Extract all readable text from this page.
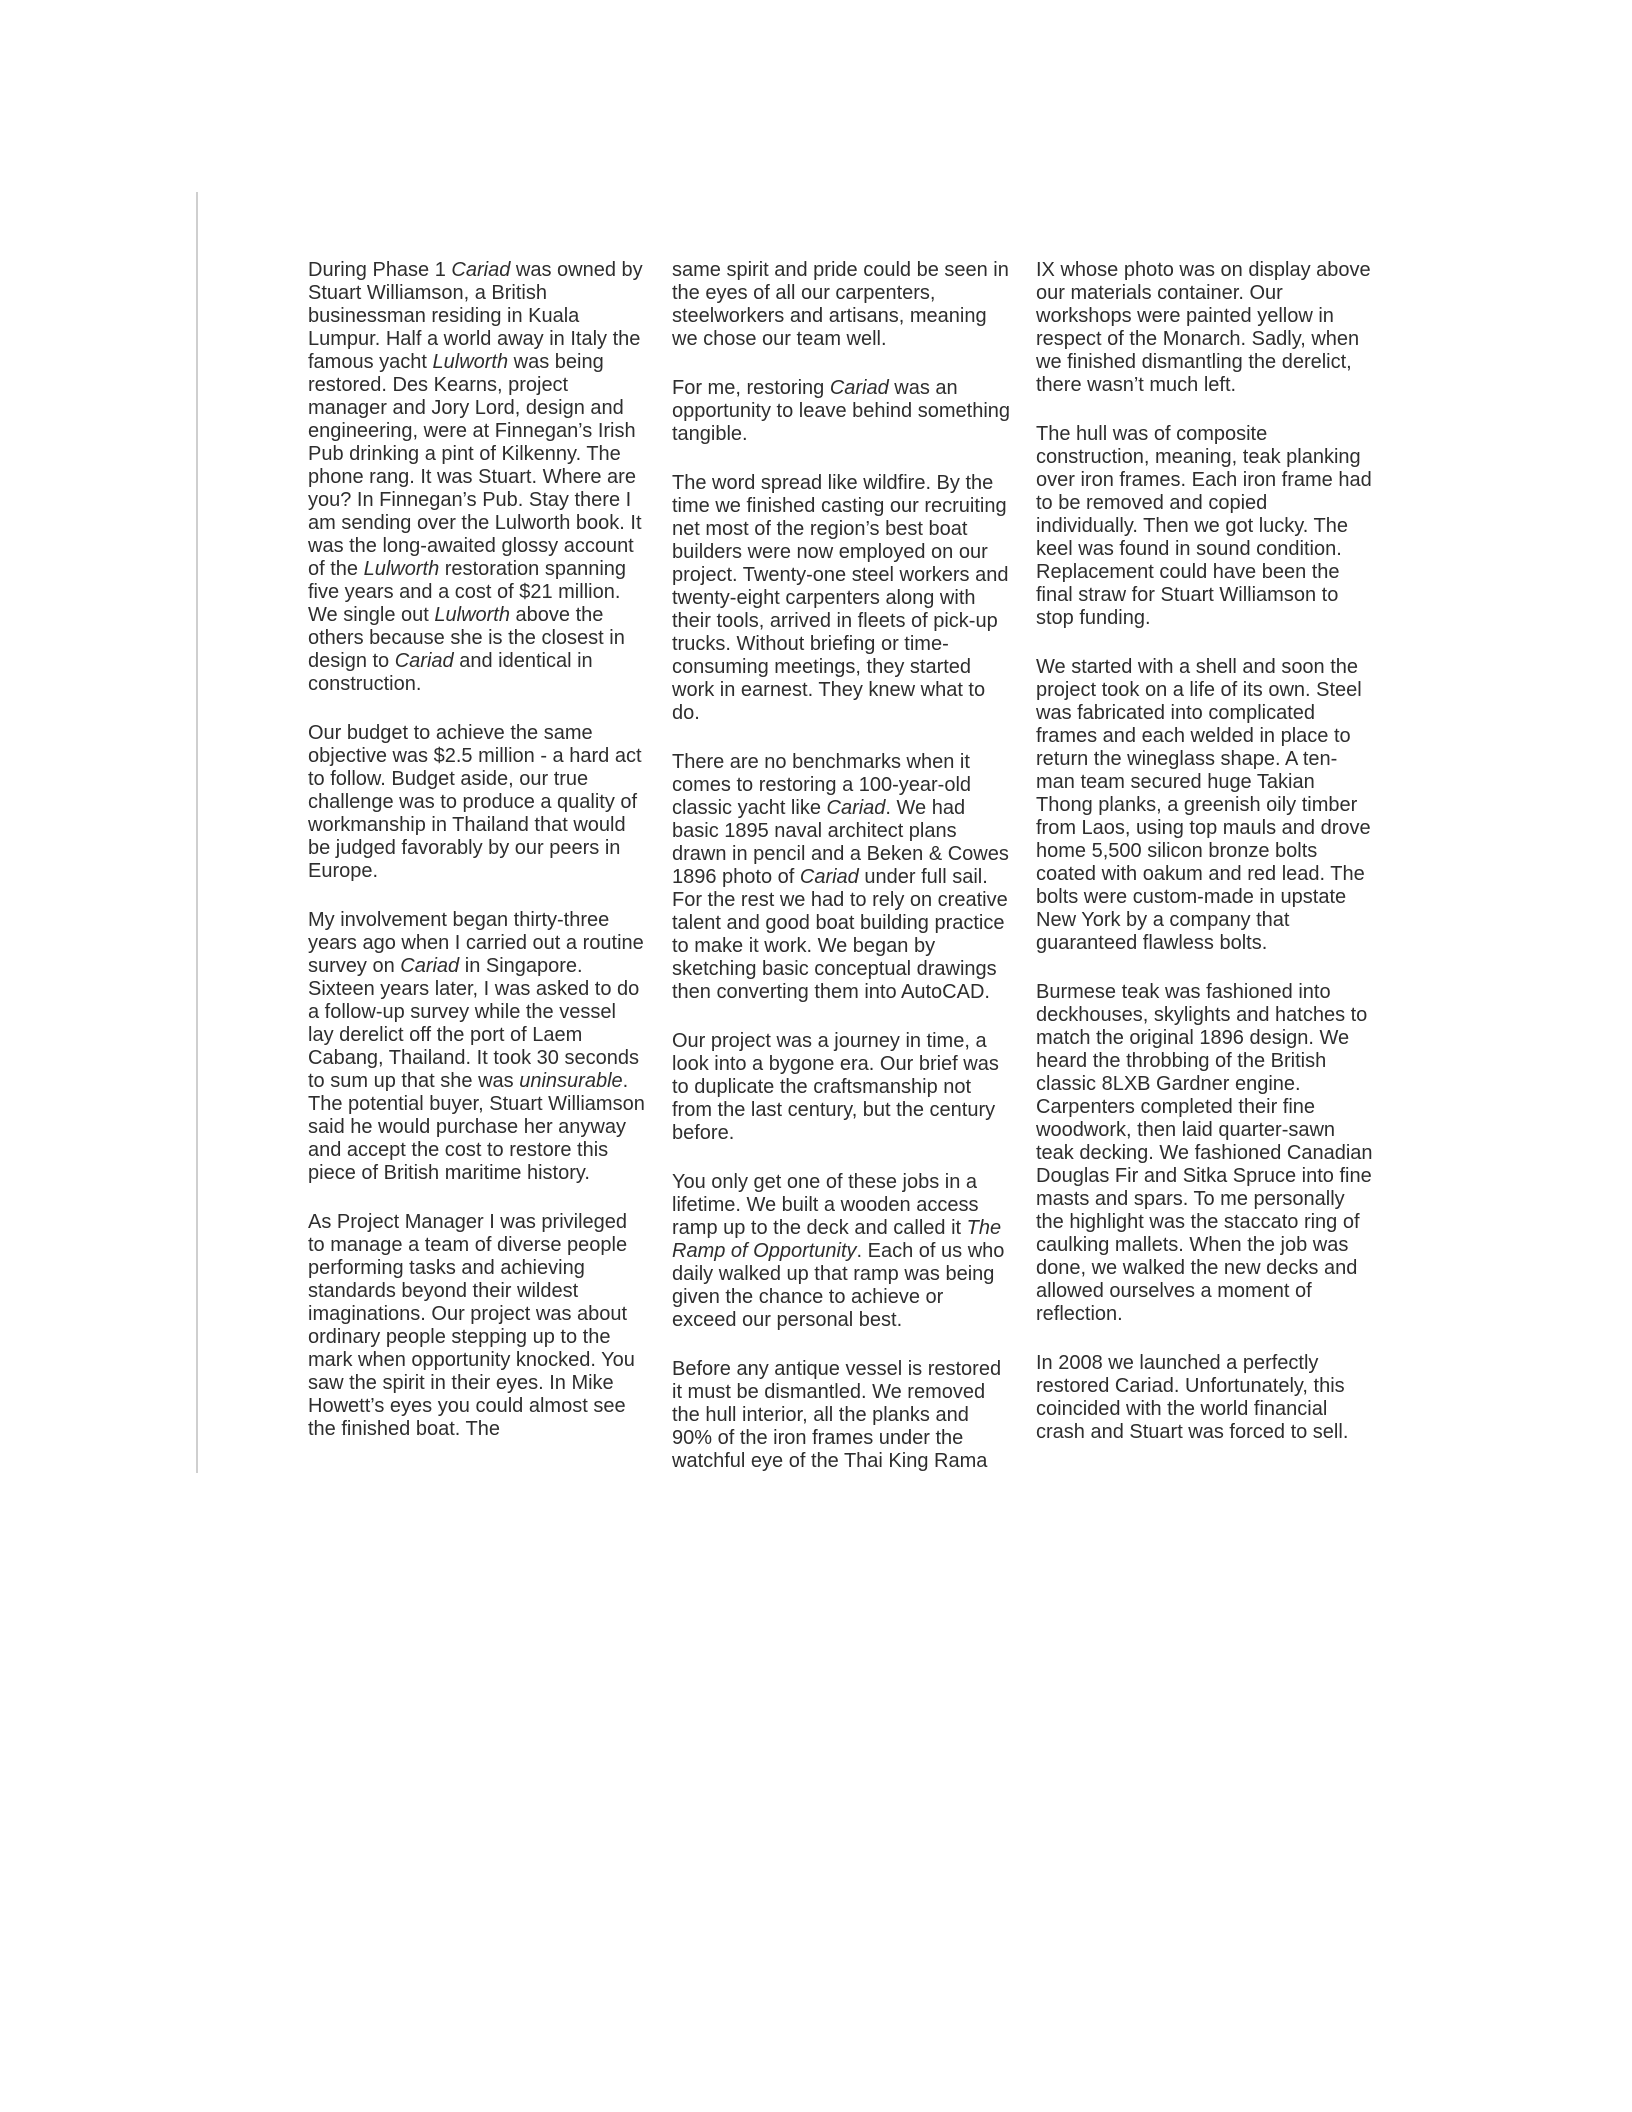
During Phase 1 Cariad was owned by Stuart Williamson, a British businessman residing in Kuala Lumpur. Half a world away in Italy the famous yacht Lulworth was being restored. Des Kearns, project manager and Jory Lord, design and engineering, were at Finnegan’s Irish Pub drinking a pint of Kilkenny. The phone rang. It was Stuart. Where are you? In Finnegan’s Pub. Stay there I am sending over the Lulworth book. It was the long-awaited glossy account of the Lulworth restoration spanning five years and a cost of $21 million. We single out Lulworth above the others because she is the closest in design to Cariad and identical in construction.

Our budget to achieve the same objective was $2.5 million - a hard act to follow. Budget aside, our true challenge was to produce a quality of workmanship in Thailand that would be judged favorably by our peers in Europe.

My involvement began thirty-three years ago when I carried out a routine survey on Cariad in Singapore. Sixteen years later, I was asked to do a follow-up survey while the vessel lay derelict off the port of Laem Cabang, Thailand. It took 30 seconds to sum up that she was uninsurable. The potential buyer, Stuart Williamson said he would purchase her anyway and accept the cost to restore this piece of British maritime history.

As Project Manager I was privileged to manage a team of diverse people performing tasks and achieving standards beyond their wildest imaginations. Our project was about ordinary people stepping up to the mark when opportunity knocked. You saw the spirit in their eyes. In Mike Howett’s eyes you could almost see the finished boat. The

same spirit and pride could be seen in the eyes of all our carpenters, steelworkers and artisans, meaning we chose our team well.

For me, restoring Cariad was an opportunity to leave behind something tangible.

The word spread like wildfire. By the time we finished casting our recruiting net most of the region’s best boat builders were now employed on our project. Twenty-one steel workers and twenty-eight carpenters along with their tools, arrived in fleets of pick-up trucks. Without briefing or time-consuming meetings, they started work in earnest. They knew what to do.

There are no benchmarks when it comes to restoring a 100-year-old classic yacht like Cariad. We had basic 1895 naval architect plans drawn in pencil and a Beken & Cowes 1896 photo of Cariad under full sail. For the rest we had to rely on creative talent and good boat building practice to make it work. We began by sketching basic conceptual drawings then converting them into AutoCAD.

Our project was a journey in time, a look into a bygone era. Our brief was to duplicate the craftsmanship not from the last century, but the century before.

You only get one of these jobs in a lifetime. We built a wooden access ramp up to the deck and called it The Ramp of Opportunity. Each of us who daily walked up that ramp was being given the chance to achieve or exceed our personal best.

Before any antique vessel is restored it must be dismantled. We removed the hull interior, all the planks and 90% of the iron frames under the watchful eye of the Thai King Rama

IX whose photo was on display above our materials container. Our workshops were painted yellow in respect of the Monarch. Sadly, when we finished dismantling the derelict, there wasn’t much left.

The hull was of composite construction, meaning, teak planking over iron frames. Each iron frame had to be removed and copied individually. Then we got lucky. The keel was found in sound condition. Replacement could have been the final straw for Stuart Williamson to stop funding.

We started with a shell and soon the project took on a life of its own. Steel was fabricated into complicated frames and each welded in place to return the wineglass shape. A ten-man team secured huge Takian Thong planks, a greenish oily timber from Laos, using top mauls and drove home 5,500 silicon bronze bolts coated with oakum and red lead. The bolts were custom-made in upstate New York by a company that guaranteed flawless bolts.

Burmese teak was fashioned into deckhouses, skylights and hatches to match the original 1896 design. We heard the throbbing of the British classic 8LXB Gardner engine. Carpenters completed their fine woodwork, then laid quarter-sawn teak decking. We fashioned Canadian Douglas Fir and Sitka Spruce into fine masts and spars. To me personally the highlight was the staccato ring of caulking mallets. When the job was done, we walked the new decks and allowed ourselves a moment of reflection.

In 2008 we launched a perfectly restored Cariad. Unfortunately, this coincided with the world financial crash and Stuart was forced to sell.
